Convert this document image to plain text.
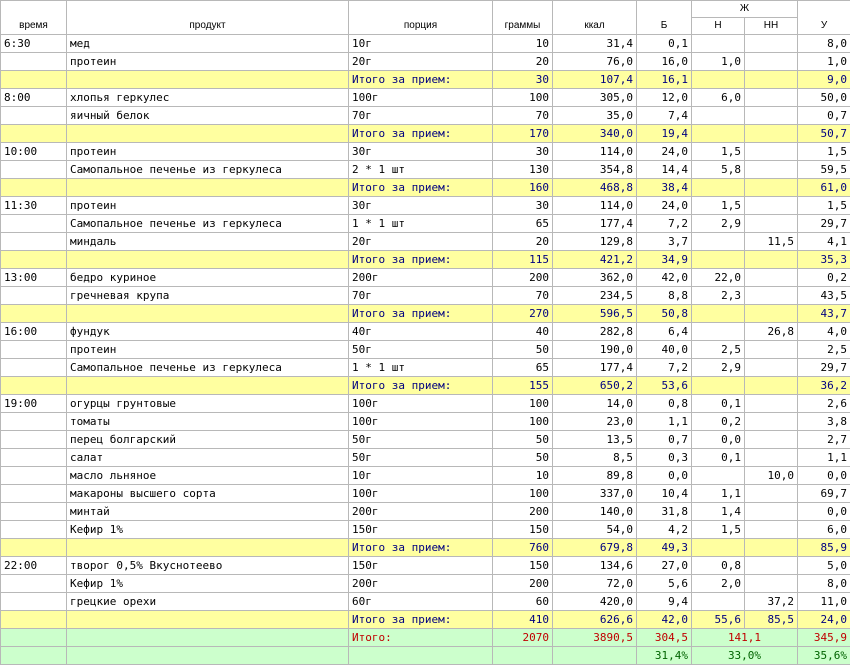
время	продукт	порция	граммы	ккал	Б	Ж		У
						Н	НН	
6:30	мед	10г	10	31,4	0,1			8,0
	протеин	20г	20	76,0	16,0	1,0		1,0
		Итого за прием:	30	107,4	16,1			9,0
8:00	хлопья геркулес	100г	100	305,0	12,0	6,0		50,0
	яичный белок	70г	70	35,0	7,4			0,7
		Итого за прием:	170	340,0	19,4			50,7
10:00	протеин	30г	30	114,0	24,0	1,5		1,5
	Самопальное печенье из геркулеса	2 * 1 шт	130	354,8	14,4	5,8		59,5
		Итого за прием:	160	468,8	38,4			61,0
11:30	протеин	30г	30	114,0	24,0	1,5		1,5
	Самопальное печенье из геркулеса	1 * 1 шт	65	177,4	7,2	2,9		29,7
	миндаль	20г	20	129,8	3,7		11,5	4,1
		Итого за прием:	115	421,2	34,9			35,3
13:00	бедро куриное	200г	200	362,0	42,0	22,0		0,2
	гречневая крупа	70г	70	234,5	8,8	2,3		43,5
		Итого за прием:	270	596,5	50,8			43,7
16:00	фундук	40г	40	282,8	6,4		26,8	4,0
	протеин	50г	50	190,0	40,0	2,5		2,5
	Самопальное печенье из геркулеса	1 * 1 шт	65	177,4	7,2	2,9		29,7
		Итого за прием:	155	650,2	53,6			36,2
19:00	огурцы грунтовые	100г	100	14,0	0,8	0,1		2,6
	томаты	100г	100	23,0	1,1	0,2		3,8
	перец болгарский	50г	50	13,5	0,7	0,0		2,7
	салат	50г	50	8,5	0,3	0,1		1,1
	масло льняное	10г	10	89,8	0,0		10,0	0,0
	макароны высшего сорта	100г	100	337,0	10,4	1,1		69,7
	минтай	200г	200	140,0	31,8	1,4		0,0
	Кефир 1%	150г	150	54,0	4,2	1,5		6,0
		Итого за прием:	760	679,8	49,3			85,9
22:00	творог 0,5% Вкуснотеево	150г	150	134,6	27,0	0,8		5,0
	Кефир 1%	200г	200	72,0	5,6	2,0		8,0
	грецкие орехи	60г	60	420,0	9,4		37,2	11,0
		Итого за прием:	410	626,6	42,0	55,6	85,5	24,0
		Итого:	2070	3890,5	304,5	141,1		345,9
					31,4%	33,0%		35,6%
